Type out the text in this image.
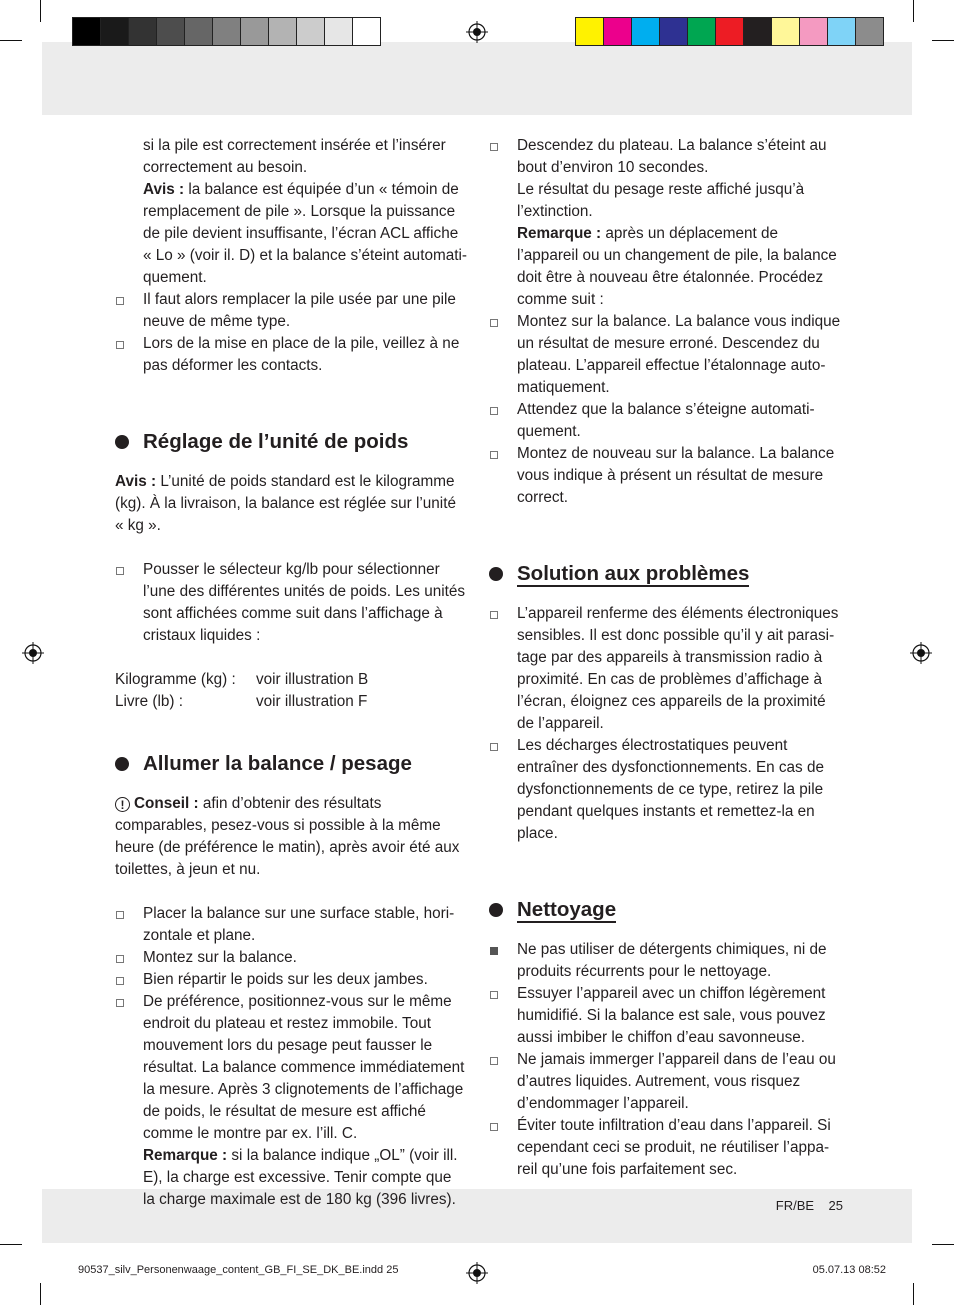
si la pile est correctement insérée et l’insérer correctement au besoin.
Avis : la balance est équipée d’un « témoin de remplacement de pile ». Lorsque la puissance de pile devient insuffisante, l’écran ACL affiche « Lo » (voir il. D) et la balance s’éteint automatiquement.
Il faut alors remplacer la pile usée par une pile neuve de même type.
Lors de la mise en place de la pile, veillez à ne pas déformer les contacts.
Réglage de l’unité de poids
Avis : L’unité de poids standard est le kilogramme (kg). À la livraison, la balance est réglée sur l’unité « kg ».
Pousser le sélecteur kg/lb pour sélectionner l’une des différentes unités de poids. Les unités sont affichées comme suit dans l’affichage à cristaux liquides :
Kilogramme (kg) :	voir illustration B
Livre (lb) :	voir illustration F
Allumer la balance / pesage
! Conseil : afin d’obtenir des résultats comparables, pesez-vous si possible à la même heure (de préférence le matin), après avoir été aux toilettes, à jeun et nu.
Placer la balance sur une surface stable, horizontale et plane.
Montez sur la balance.
Bien répartir le poids sur les deux jambes.
De préférence, positionnez-vous sur le même endroit du plateau et restez immobile. Tout mouvement lors du pesage peut fausser le résultat. La balance commence immédiatement la mesure. Après 3 clignotements de l’affichage de poids, le résultat de mesure est affiché comme le montre par ex. l’ill. C.
Remarque : si la balance indique „OL” (voir ill. E), la charge est excessive. Tenir compte que la charge maximale est de 180 kg (396 livres).
Descendez du plateau. La balance s’éteint au bout d’environ 10 secondes.
Le résultat du pesage reste affiché jusqu’à l’extinction.
Remarque : après un déplacement de l’appareil ou un changement de pile, la balance doit être à nouveau être étalonnée. Procédez comme suit :
Montez sur la balance. La balance vous indique un résultat de mesure erroné. Descendez du plateau. L’appareil effectue l’étalonnage automatiquement.
Attendez que la balance s’éteigne automatiquement.
Montez de nouveau sur la balance. La balance vous indique à présent un résultat de mesure correct.
Solution aux problèmes
L’appareil renferme des éléments électroniques sensibles. Il est donc possible qu’il y ait parasitage par des appareils à transmission radio à proximité. En cas de problèmes d’affichage à l’écran, éloignez ces appareils de la proximité de l’appareil.
Les décharges électrostatiques peuvent entraîner des dysfonctionnements. En cas de dysfonctionnements de ce type, retirez la pile pendant quelques instants et remettez-la en place.
Nettoyage
Ne pas utiliser de détergents chimiques, ni de produits récurrents pour le nettoyage.
Essuyer l’appareil avec un chiffon légèrement humidifié. Si la balance est sale, vous pouvez aussi imbiber le chiffon d’eau savonneuse.
Ne jamais immerger l’appareil dans de l’eau ou d’autres liquides. Autrement, vous risquez d’endommager l’appareil.
Éviter toute infiltration d’eau dans l’appareil. Si cependant ceci se produit, ne réutiliser l’appareil qu’une fois parfaitement sec.
FR/BE 25
90537_silv_Personenwaage_content_GB_FI_SE_DK_BE.indd 25	05.07.13 08:52
